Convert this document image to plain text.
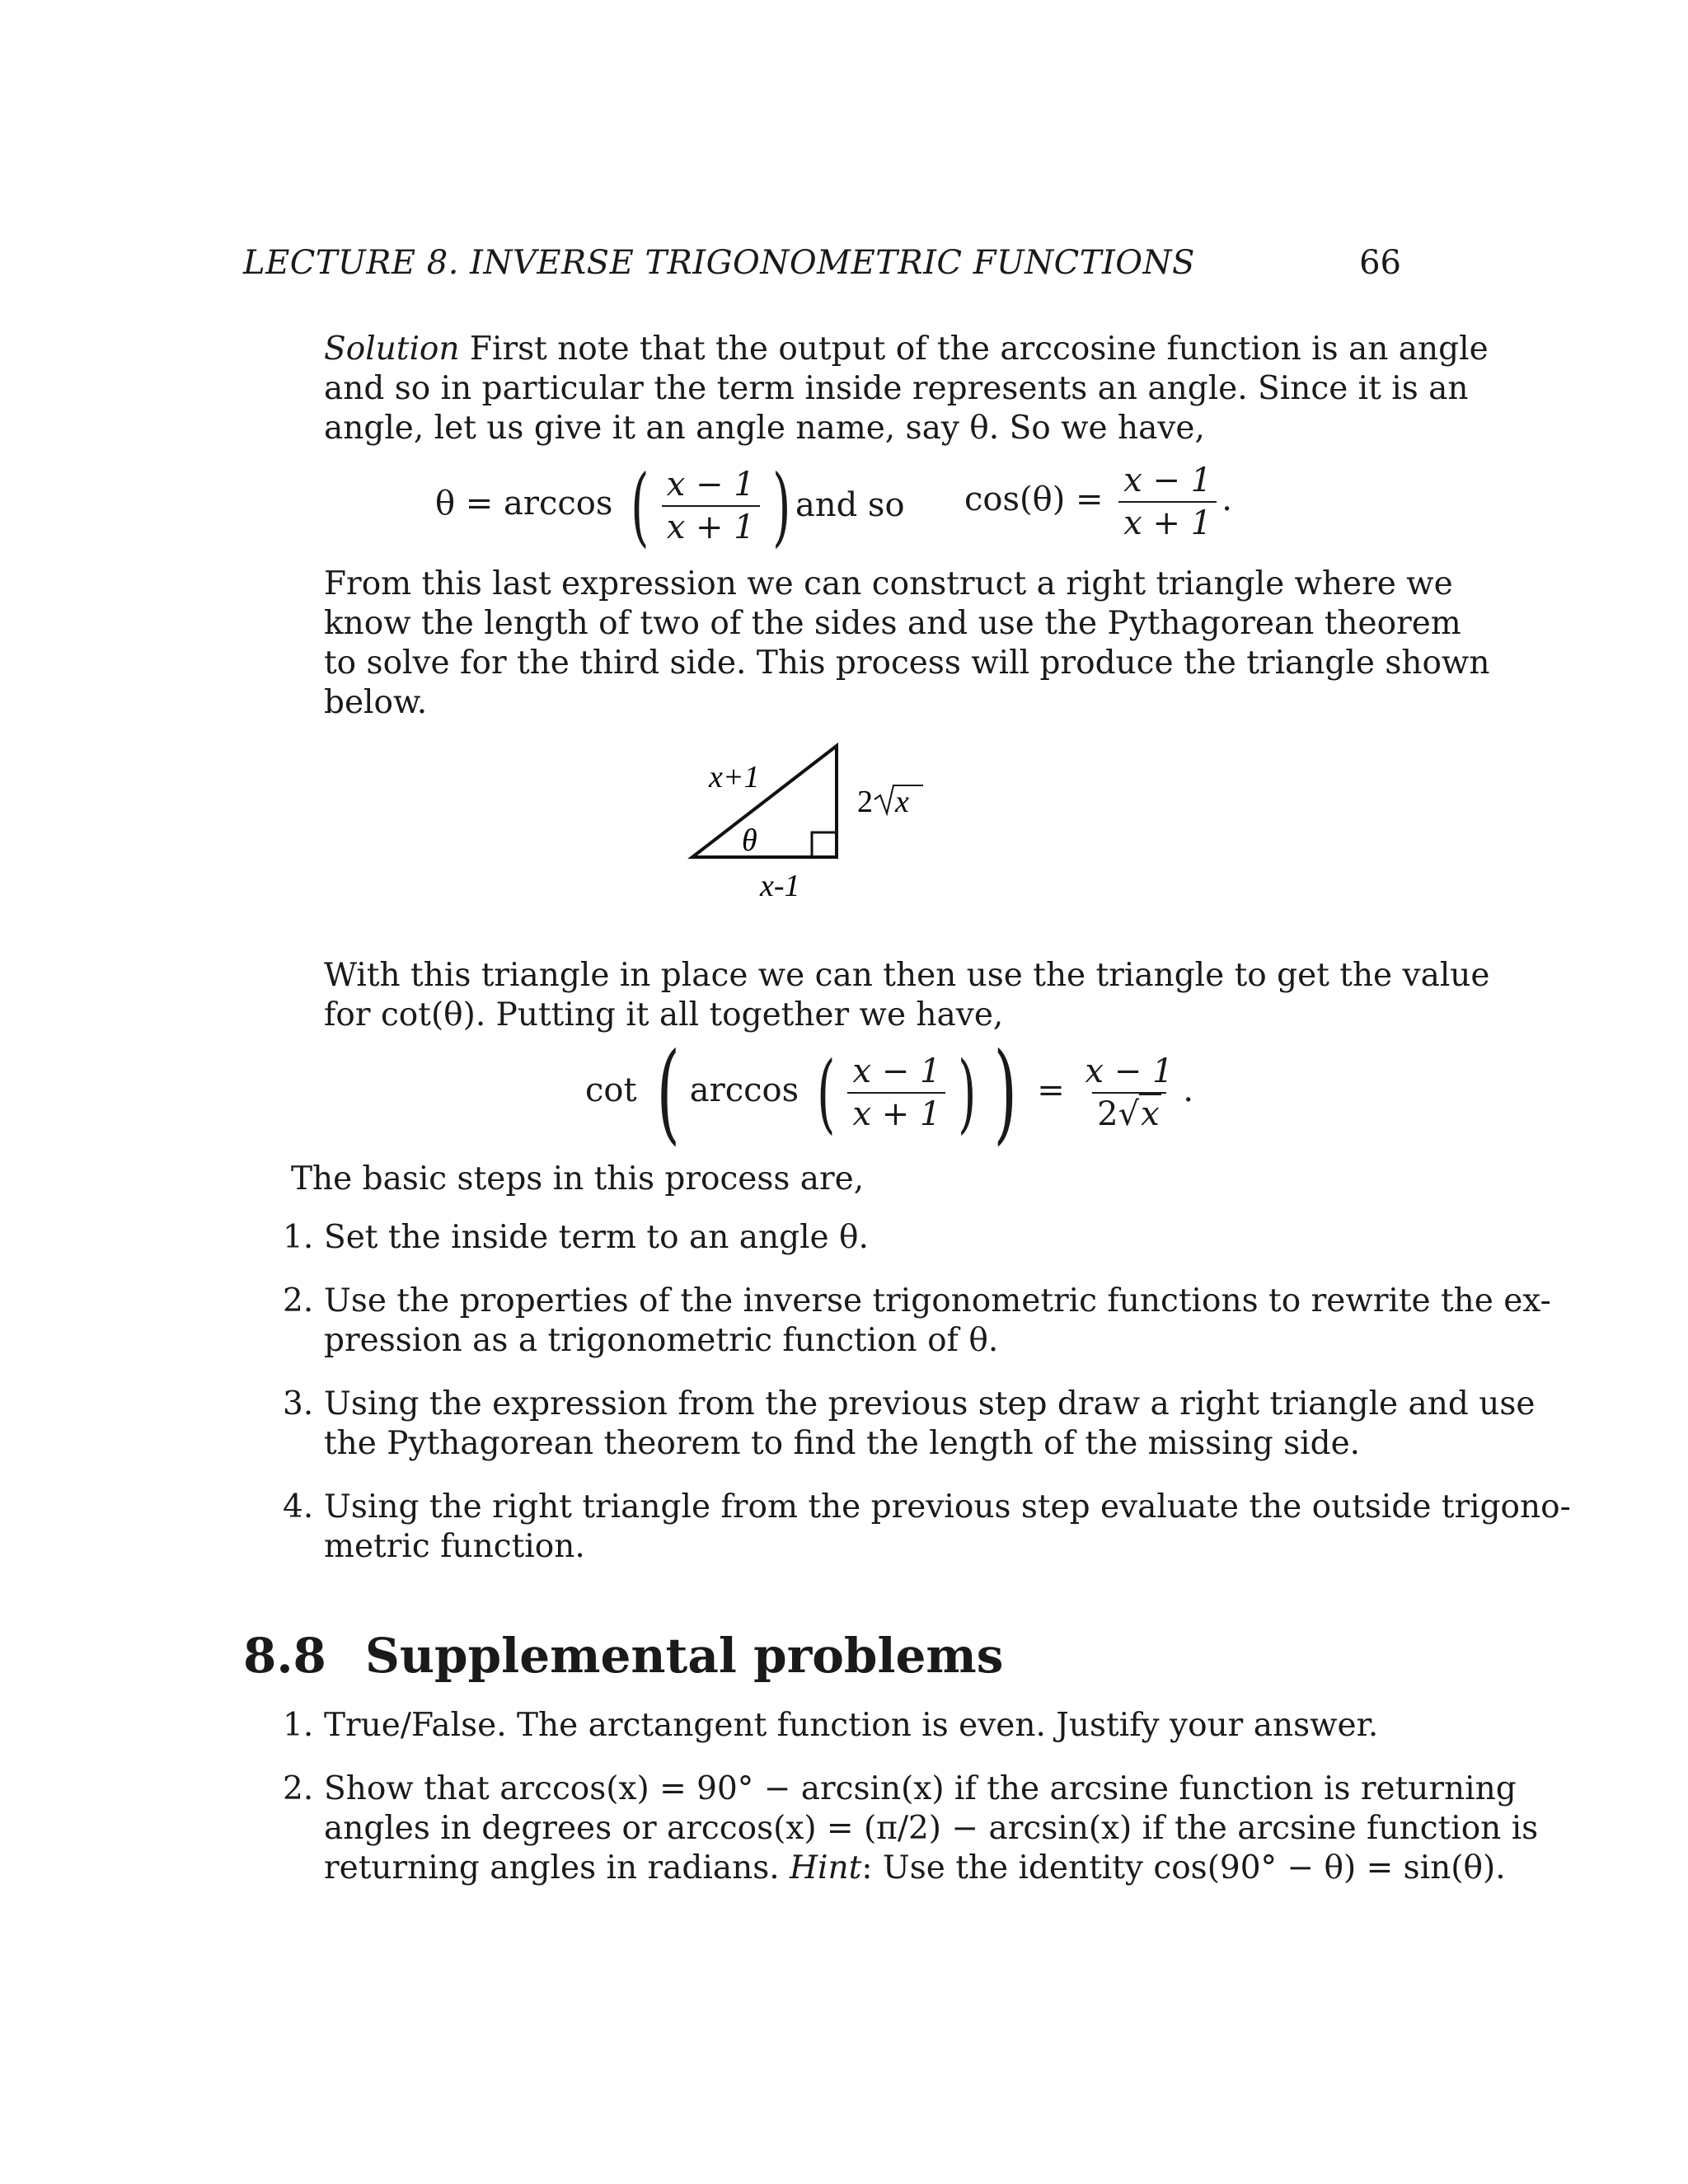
LECTURE 8. INVERSE TRIGONOMETRIC FUNCTIONS	66
Solution First note that the output of the arccosine function is an angle
and so in particular the term inside represents an angle. Since it is an
angle, let us give it an angle name, say θ. So we have,
θ = arccos ( $\frac{x - 1}{x + 1}$ ) and so $\cos(\theta) = \frac{x - 1}{x + 1}$ .
From this last expression we can construct a right triangle where we
know the length of two of the sides and use the Pythagorean theorem
to solve for the third side. This process will produce the triangle shown
below.
x+1
θ
x-1
2 x
With this triangle in place we can then use the triangle to get the value
for cot(θ). Putting it all together we have,
cot ( arccos ( $\frac{x - 1}{x + 1}$ ) ) = $\frac{x - 1}{2√x}$ .
The basic steps in this process are,
1. Set the inside term to an angle θ.
2. Use the properties of the inverse trigonometric functions to rewrite the ex-
pression as a trigonometric function of θ.
3. Using the expression from the previous step draw a right triangle and use
the Pythagorean theorem to find the length of the missing side.
4. Using the right triangle from the previous step evaluate the outside trigono-
metric function.
8.8 Supplemental problems
1. True/False. The arctangent function is even. Justify your answer.
2. Show that arccos(x) = 90° − arcsin(x) if the arcsine function is returning
angles in degrees or arccos(x) = (π/2) − arcsin(x) if the arcsine function is
returning angles in radians. Hint: Use the identity cos(90° − θ) = sin(θ).
